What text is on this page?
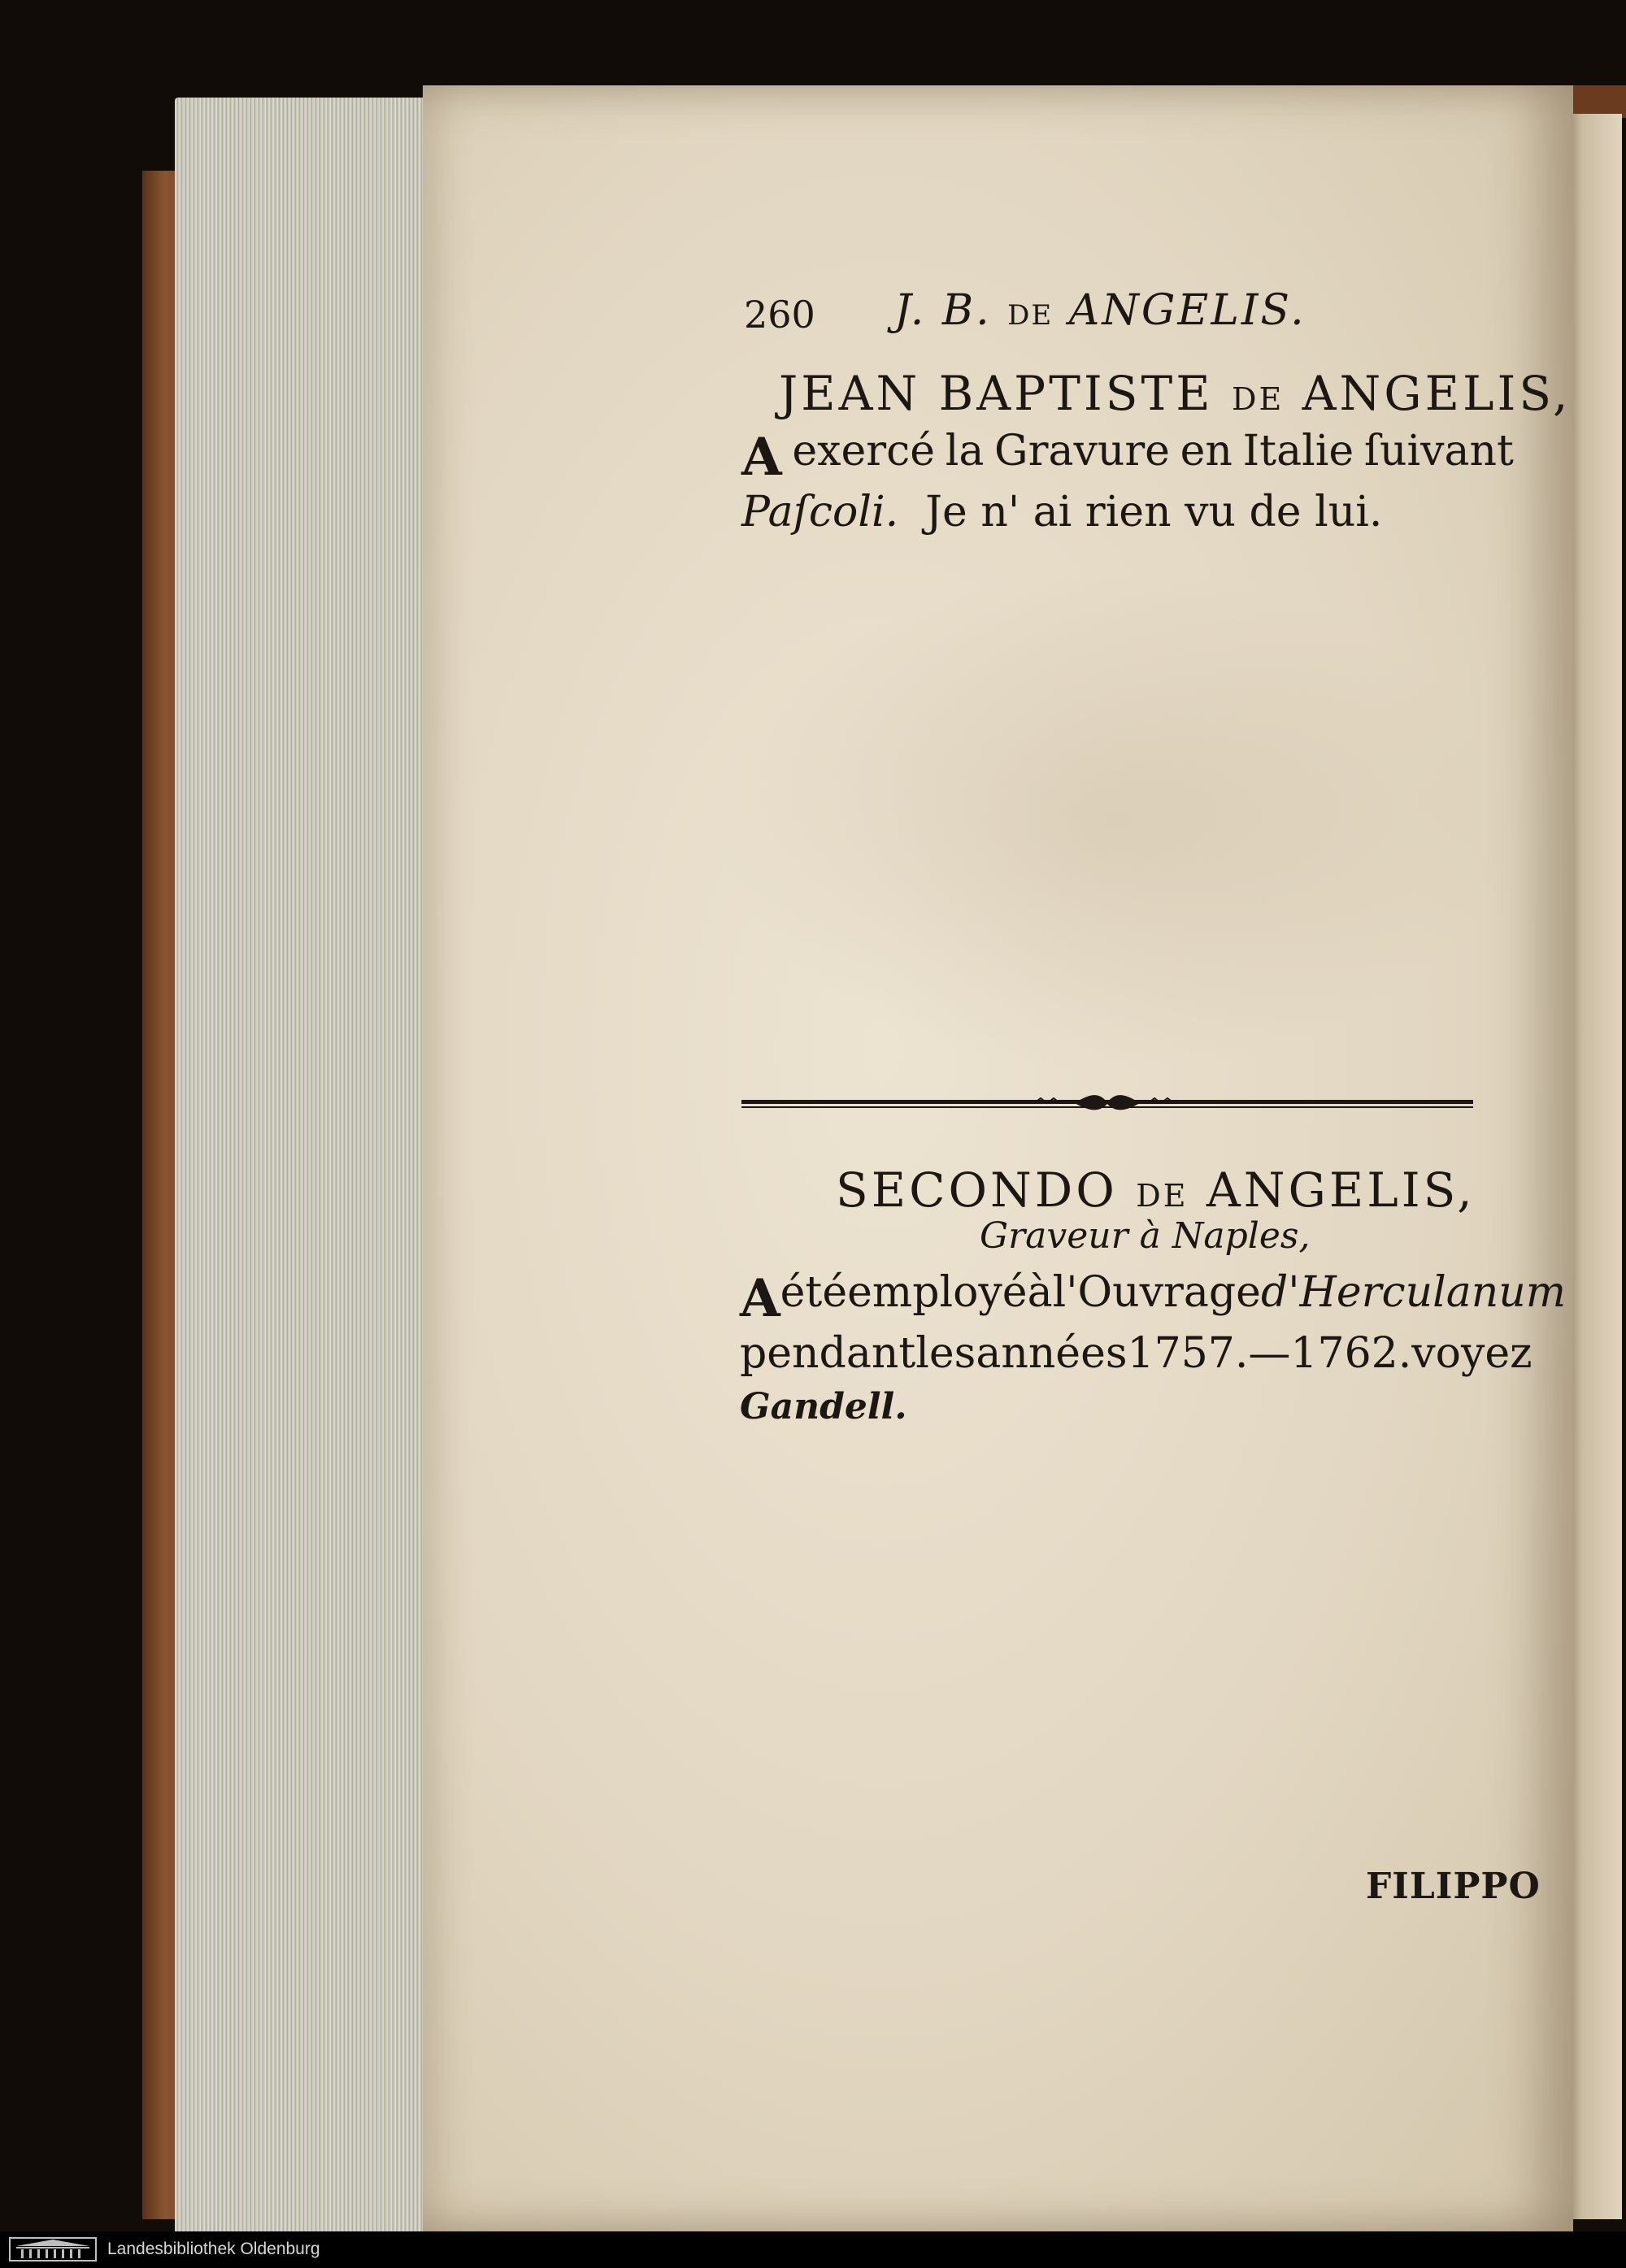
260 J. B. DE ANGELIS.
JEAN BAPTISTE DE ANGELIS,
A exercé la Gravure en Italie ſuivant
Paſcoli.  Je n' ai rien vu de lui.
SECONDO DE ANGELIS,
Graveur à Naples,
A été employé à l'Ouvrage d'Herculanum
pendant les années 1757. — 1762. voyez
Gandell.
FILIPPO
Landesbibliothek Oldenburg
